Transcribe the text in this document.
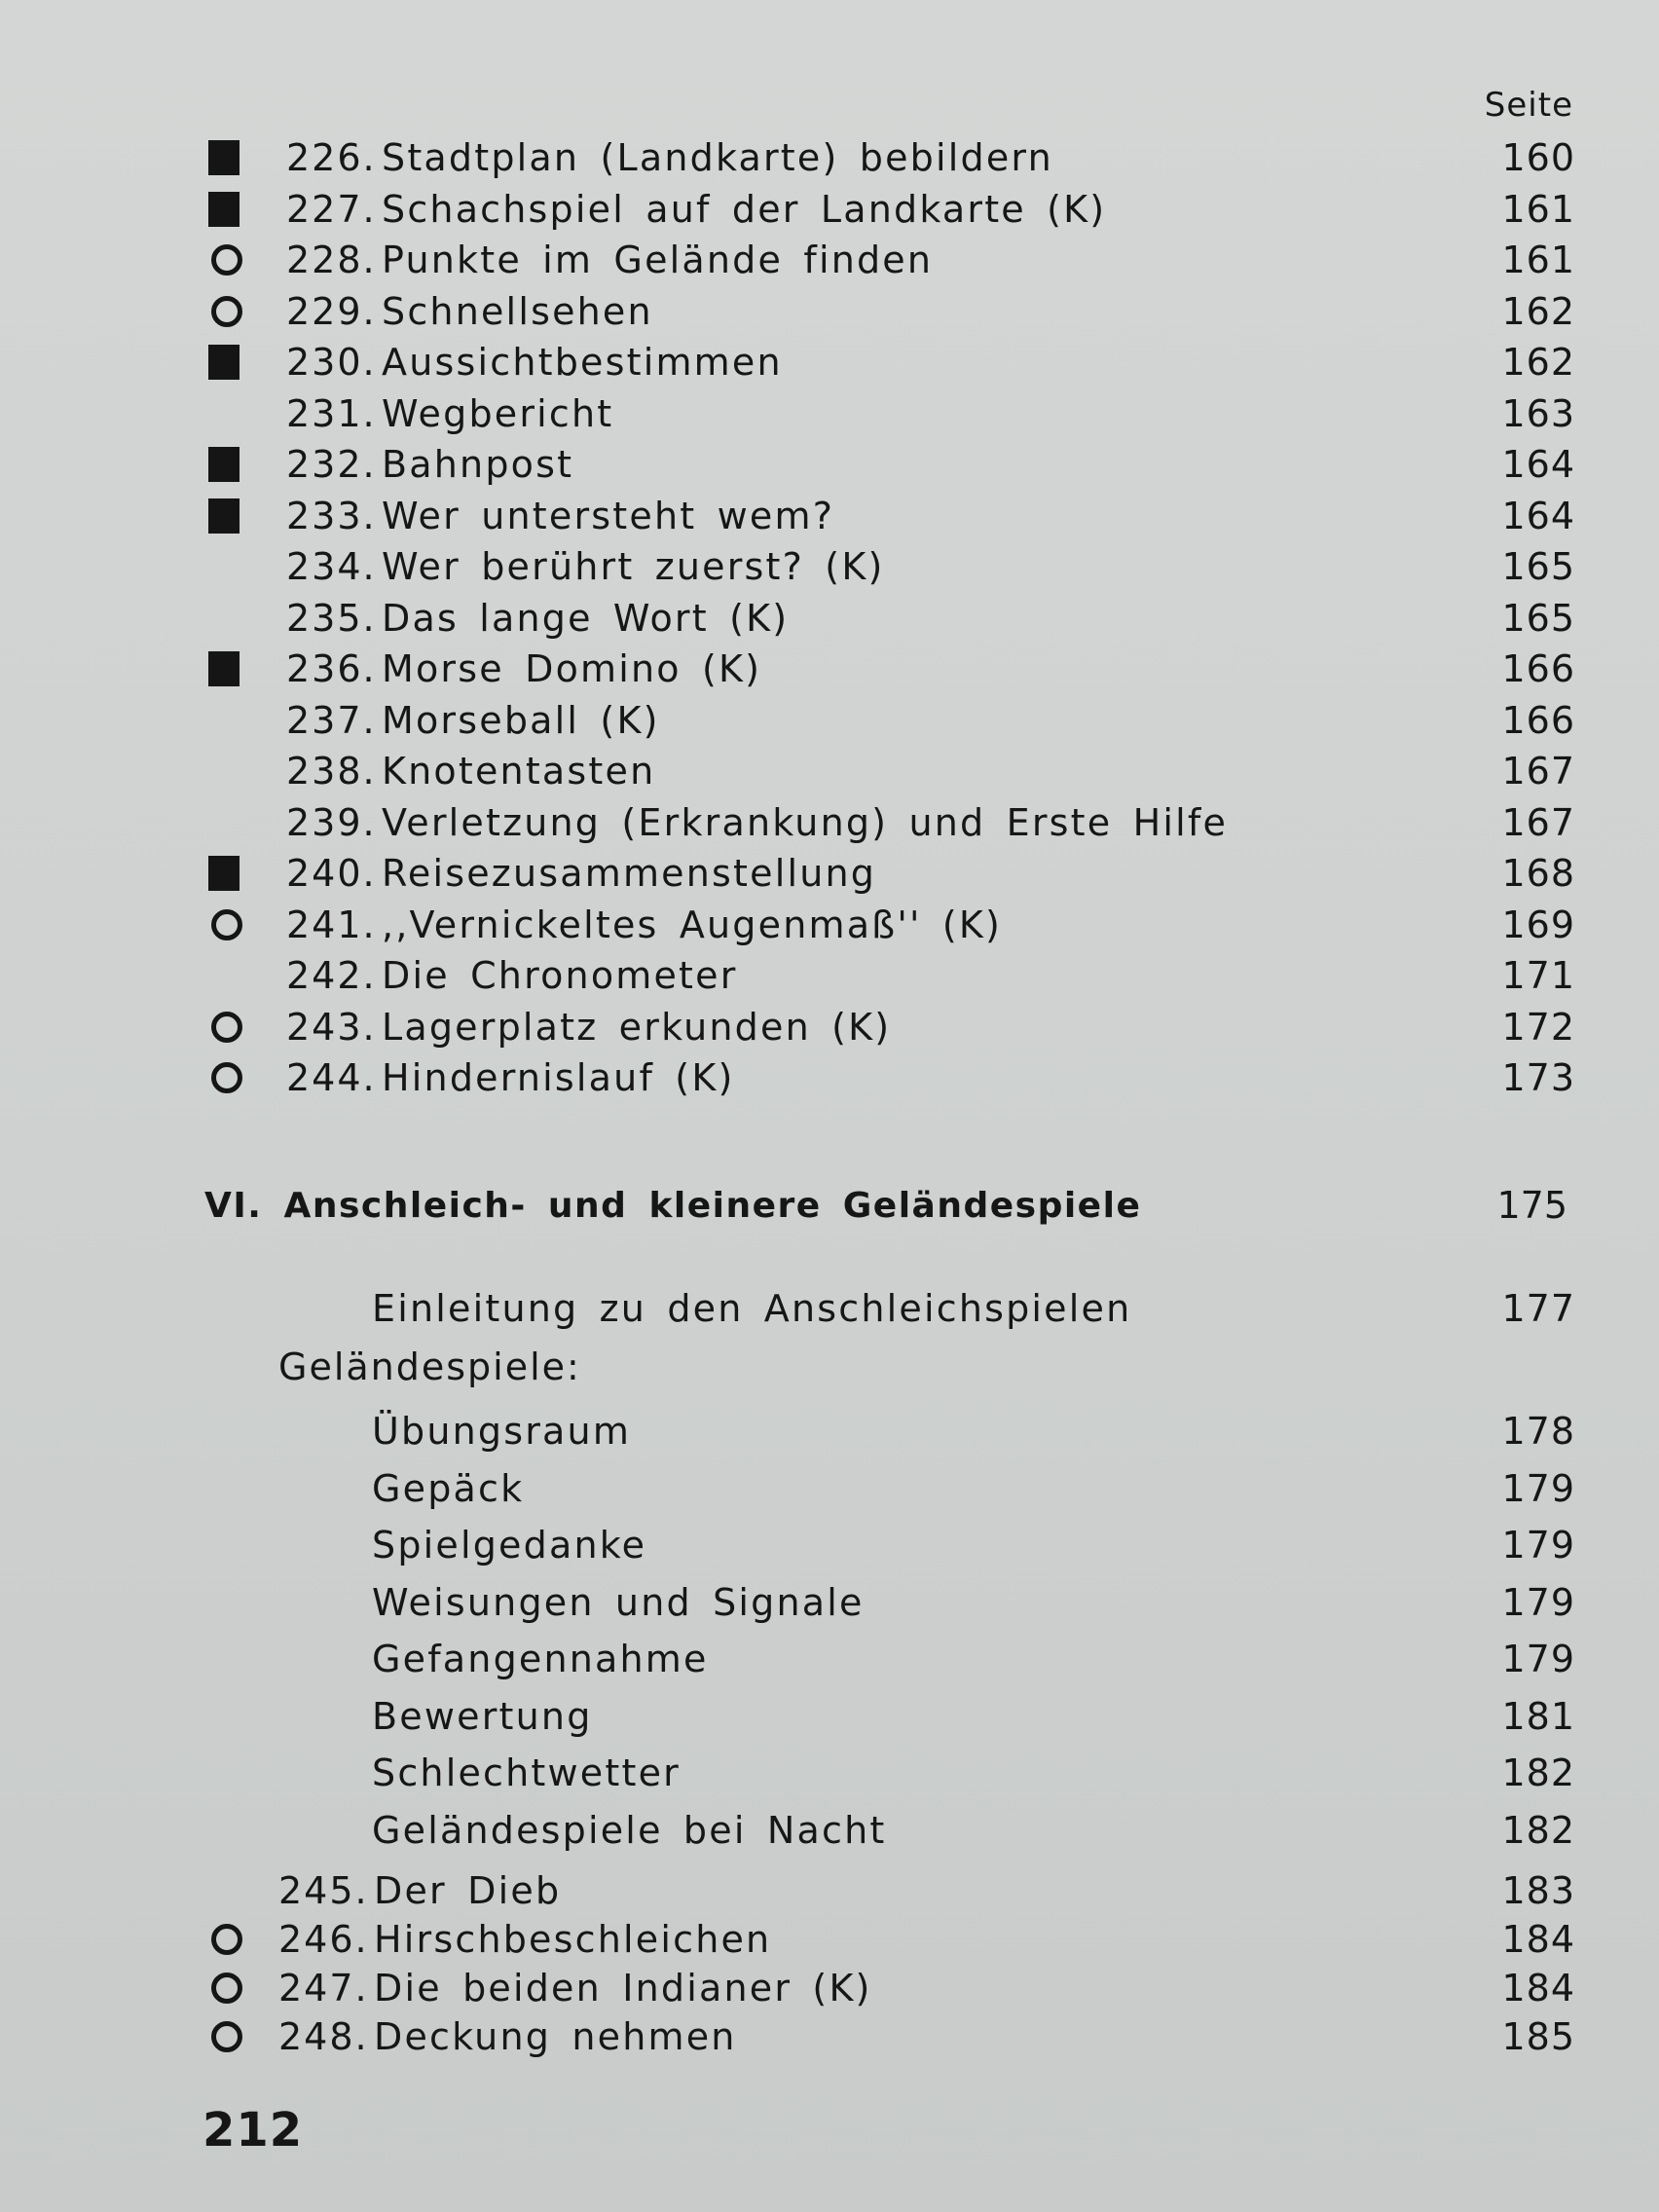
Seite
226. Stadtplan (Landkarte) bebildern	160
227. Schachspiel auf der Landkarte (K)	161
228. Punkte im Gelände finden	161
229. Schnellsehen	162
230. Aussichtbestimmen	162
231. Wegbericht	163
232. Bahnpost	164
233. Wer untersteht wem?	164
234. Wer berührt zuerst? (K)	165
235. Das lange Wort (K)	165
236. Morse Domino (K)	166
237. Morseball (K)	166
238. Knotentasten	167
239. Verletzung (Erkrankung) und Erste Hilfe	167
240. Reisezusammenstellung	168
241. ,,Vernickeltes Augenmaß'' (K)	169
242. Die Chronometer	171
243. Lagerplatz erkunden (K)	172
244. Hindernislauf (K)	173
VI. Anschleich- und kleinere Geländespiele	175
Einleitung zu den Anschleichspielen	177
Geländespiele:
Übungsraum	178
Gepäck	179
Spielgedanke	179
Weisungen und Signale	179
Gefangennahme	179
Bewertung	181
Schlechtwetter	182
Geländespiele bei Nacht	182
245. Der Dieb	183
246. Hirschbeschleichen	184
247. Die beiden Indianer (K)	184
248. Deckung nehmen	185
212
